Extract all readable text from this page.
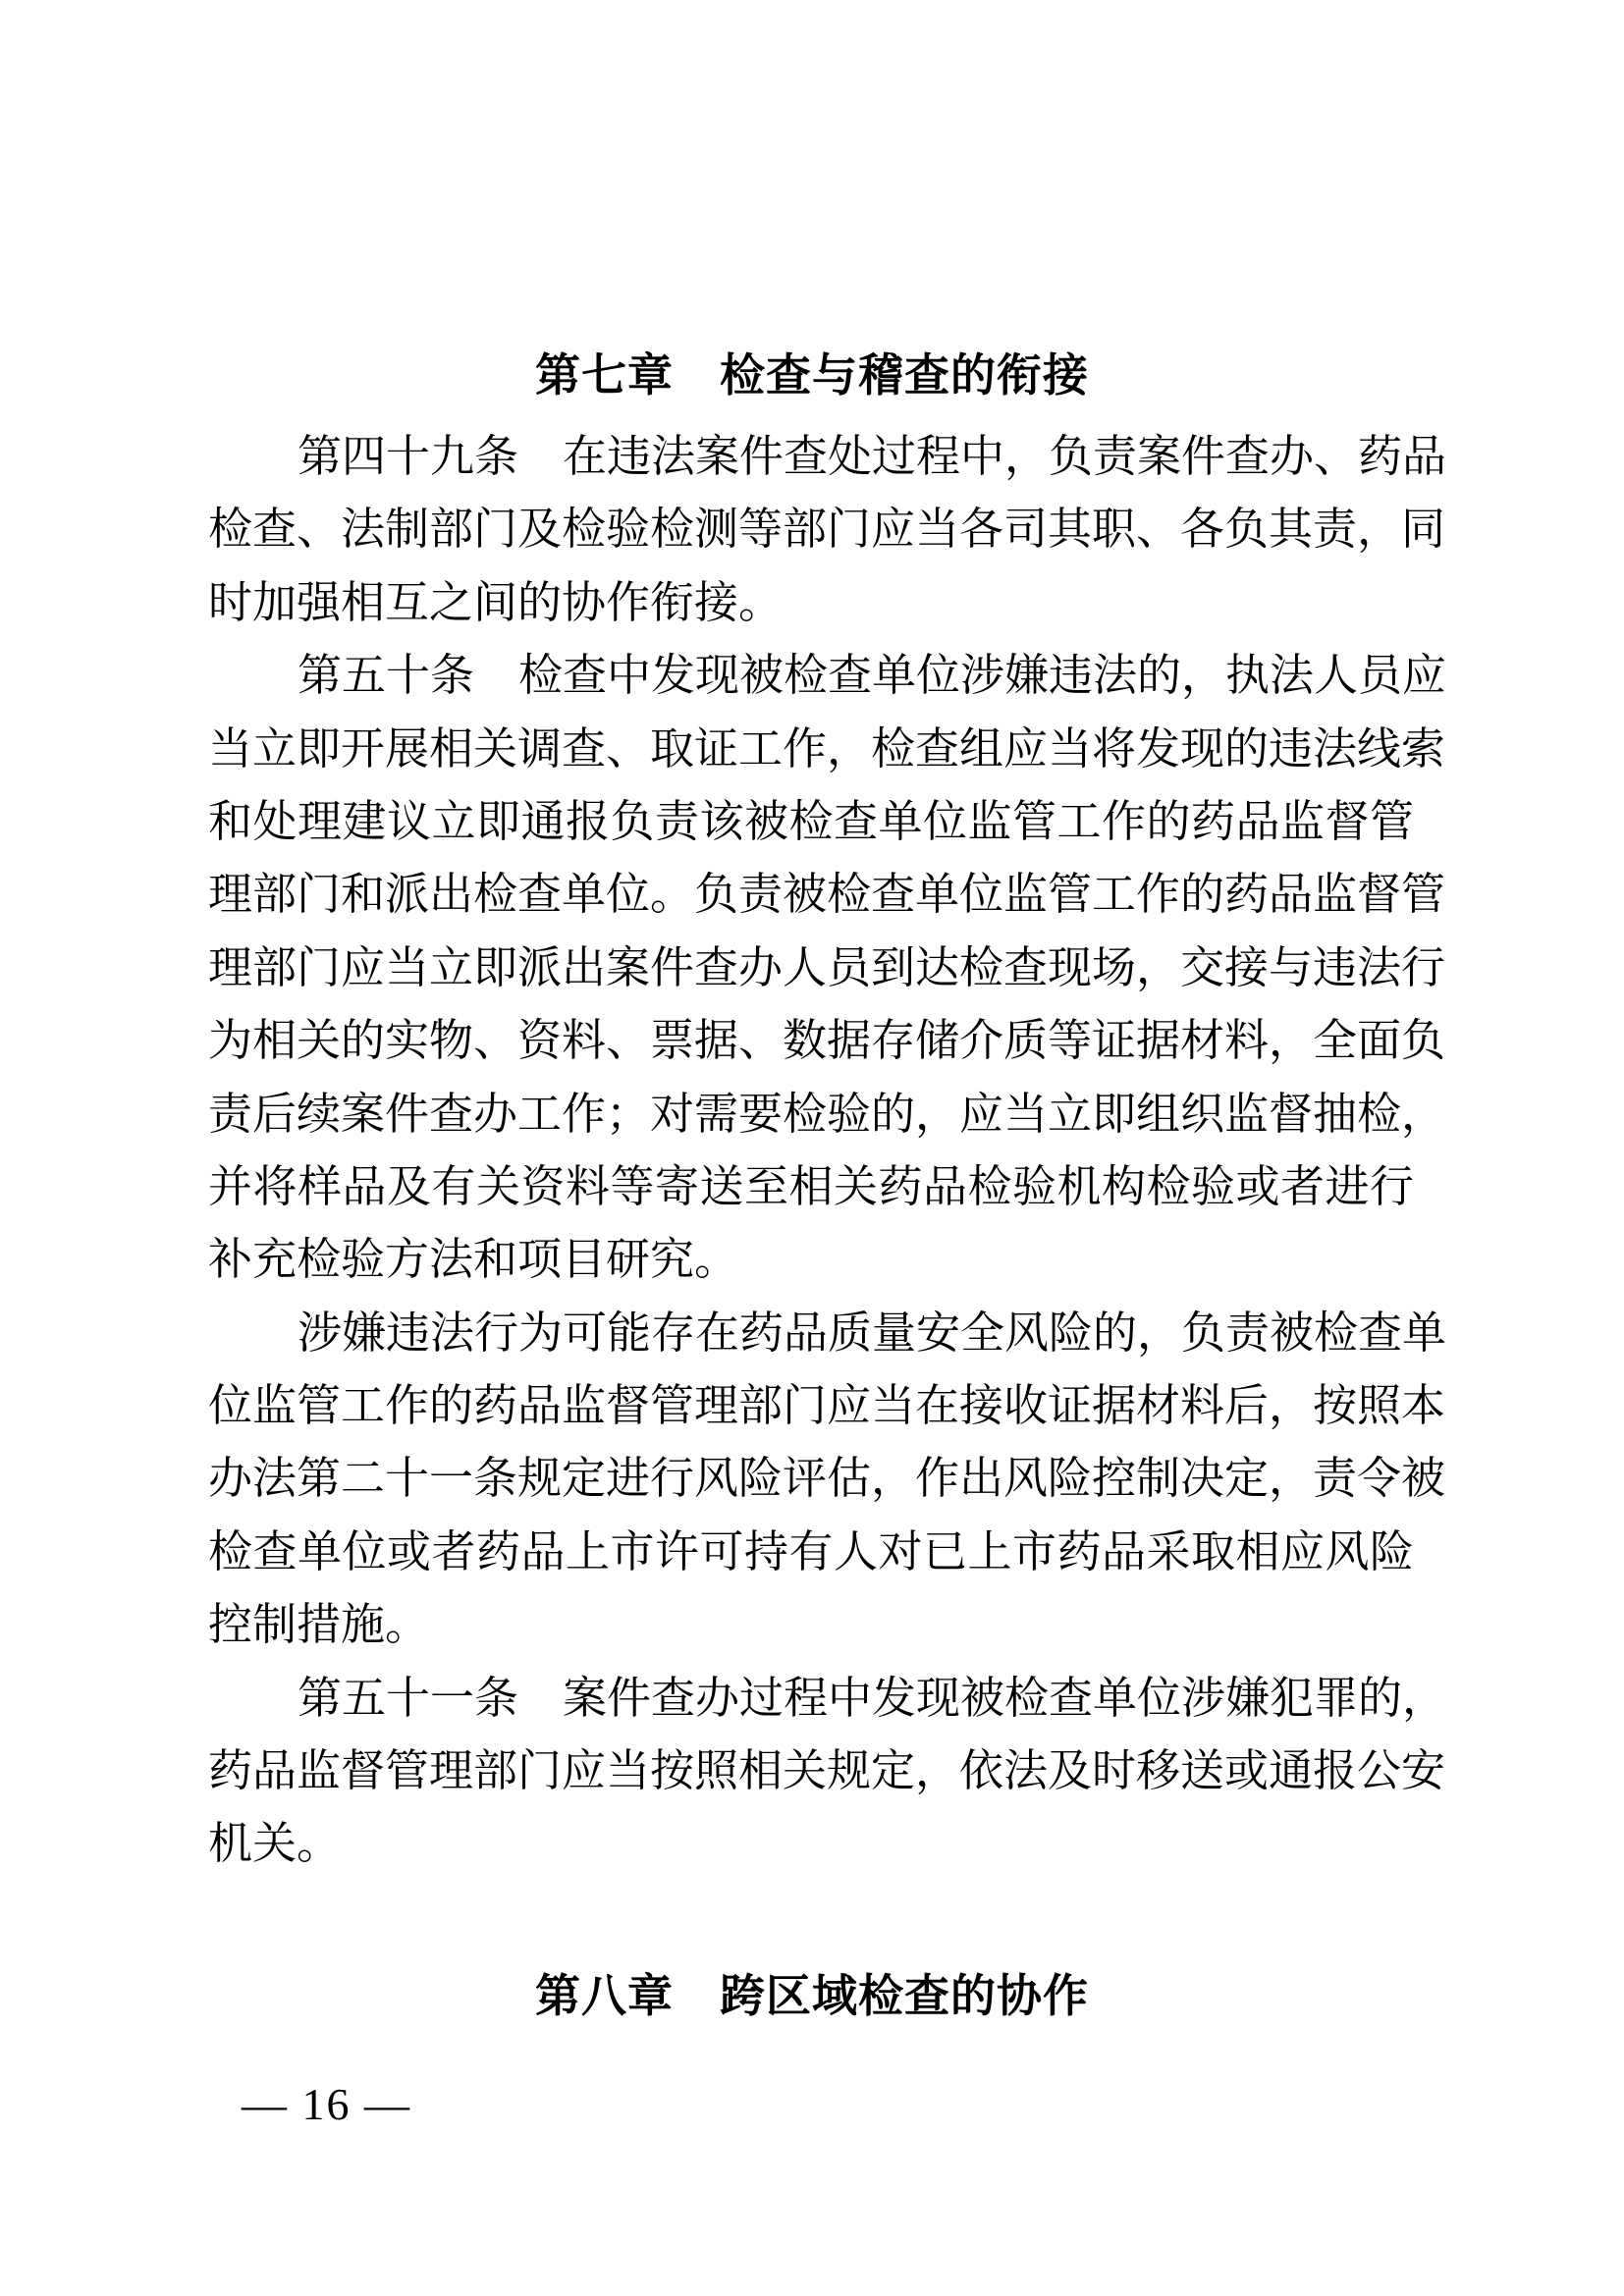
第七章　检查与稽查的衔接
第四十九条　在违法案件查处过程中，负责案件查办、药品
检查、法制部门及检验检测等部门应当各司其职、各负其责，同
时加强相互之间的协作衔接。
第五十条　检查中发现被检查单位涉嫌违法的，执法人员应
当立即开展相关调查、取证工作，检查组应当将发现的违法线索
和处理建议立即通报负责该被检查单位监管工作的药品监督管
理部门和派出检查单位。负责被检查单位监管工作的药品监督管
理部门应当立即派出案件查办人员到达检查现场，交接与违法行
为相关的实物、资料、票据、数据存储介质等证据材料，全面负
责后续案件查办工作；对需要检验的，应当立即组织监督抽检，
并将样品及有关资料等寄送至相关药品检验机构检验或者进行
补充检验方法和项目研究。
涉嫌违法行为可能存在药品质量安全风险的，负责被检查单
位监管工作的药品监督管理部门应当在接收证据材料后，按照本
办法第二十一条规定进行风险评估，作出风险控制决定，责令被
检查单位或者药品上市许可持有人对已上市药品采取相应风险
控制措施。
第五十一条　案件查办过程中发现被检查单位涉嫌犯罪的，
药品监督管理部门应当按照相关规定，依法及时移送或通报公安
机关。
第八章　跨区域检查的协作
— 16 —
